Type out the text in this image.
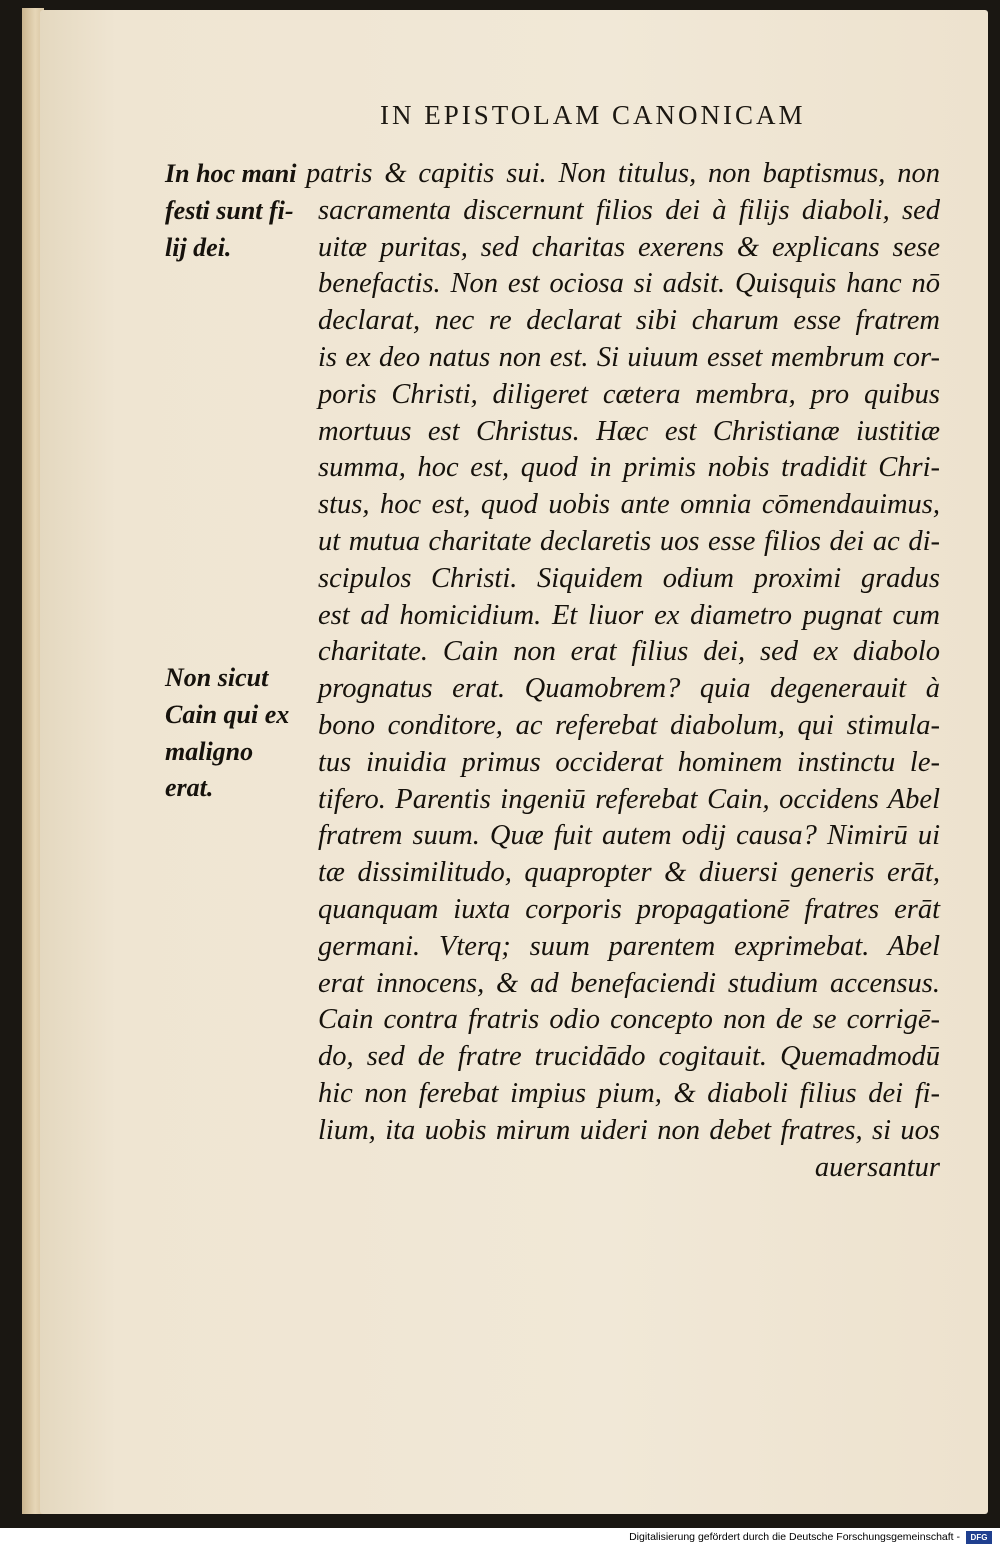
IN EPISTOLAM CANONICAM
In hoc mani
festi sunt fi-
lij dei.
Non sicut
Cain qui ex
maligno
erat.
patris & capitis sui. Non titulus, non baptismus, non
sacramenta discernunt filios dei à filijs diaboli, sed
uitæ puritas, sed charitas exerens & explicans sese
benefactis. Non est ociosa si adsit. Quisquis hanc nō
declarat, nec re declarat sibi charum esse fratrem
is ex deo natus non est. Si uiuum esset membrum cor-
poris Christi, diligeret cætera membra, pro quibus
mortuus est Christus. Hæc est Christianæ iustitiæ
summa, hoc est, quod in primis nobis tradidit Chri-
stus, hoc est, quod uobis ante omnia cōmendauimus,
ut mutua charitate declaretis uos esse filios dei ac di-
scipulos Christi. Siquidem odium proximi gradus
est ad homicidium. Et liuor ex diametro pugnat cum
charitate. Cain non erat filius dei, sed ex diabolo
prognatus erat. Quamobrem? quia degenerauit à
bono conditore, ac referebat diabolum, qui stimula-
tus inuidia primus occiderat hominem instinctu le-
tifero. Parentis ingeniū referebat Cain, occidens Abel
fratrem suum. Quæ fuit autem odij causa? Nimirū ui
tæ dissimilitudo, quapropter & diuersi generis erāt,
quanquam iuxta corporis propagationē fratres erāt
germani. Vterq; suum parentem exprimebat. Abel
erat innocens, & ad benefaciendi studium accensus.
Cain contra fratris odio concepto non de se corrigē-
do, sed de fratre trucidādo cogitauit. Quemadmodū
hic non ferebat impius pium, & diaboli filius dei fi-
lium, ita uobis mirum uideri non debet fratres, si uos
auersantur
Digitalisierung gefördert durch die Deutsche Forschungsgemeinschaft -	DFG
